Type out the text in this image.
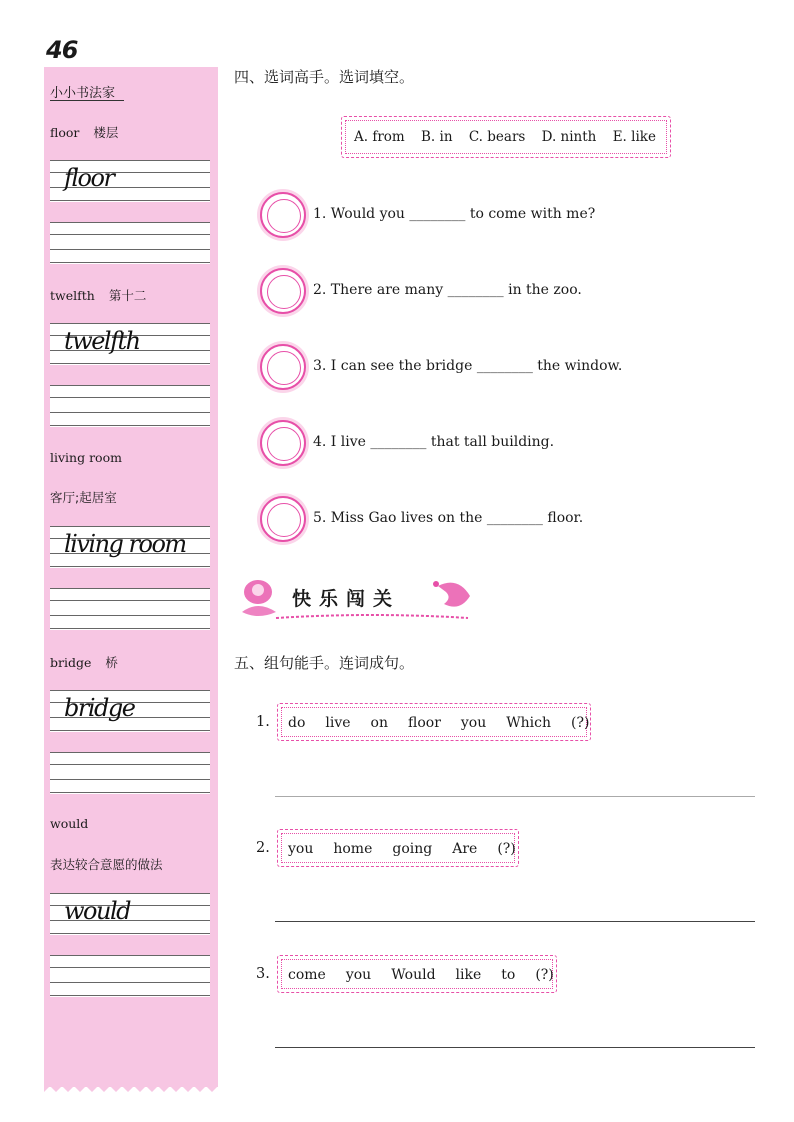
46
小小书法家
floor 楼层
floor
twelfth 第十二
twelfth
living room
客厅;起居室
living room
bridge 桥
bridge
would
表达较合意愿的做法
would
四、选词高手。选词填空。
A. from B. in C. bears D. ninth E. like
1. Would you ________ to come with me?
2. There are many ________ in the zoo.
3. I can see the bridge ________ the window.
4. I live ________ that tall building.
5. Miss Gao lives on the ________ floor.
快乐闯关
五、组句能手。连词成句。
1. do live on floor you Which (?)
2. you home going Are (?)
3. come you Would like to (?)
